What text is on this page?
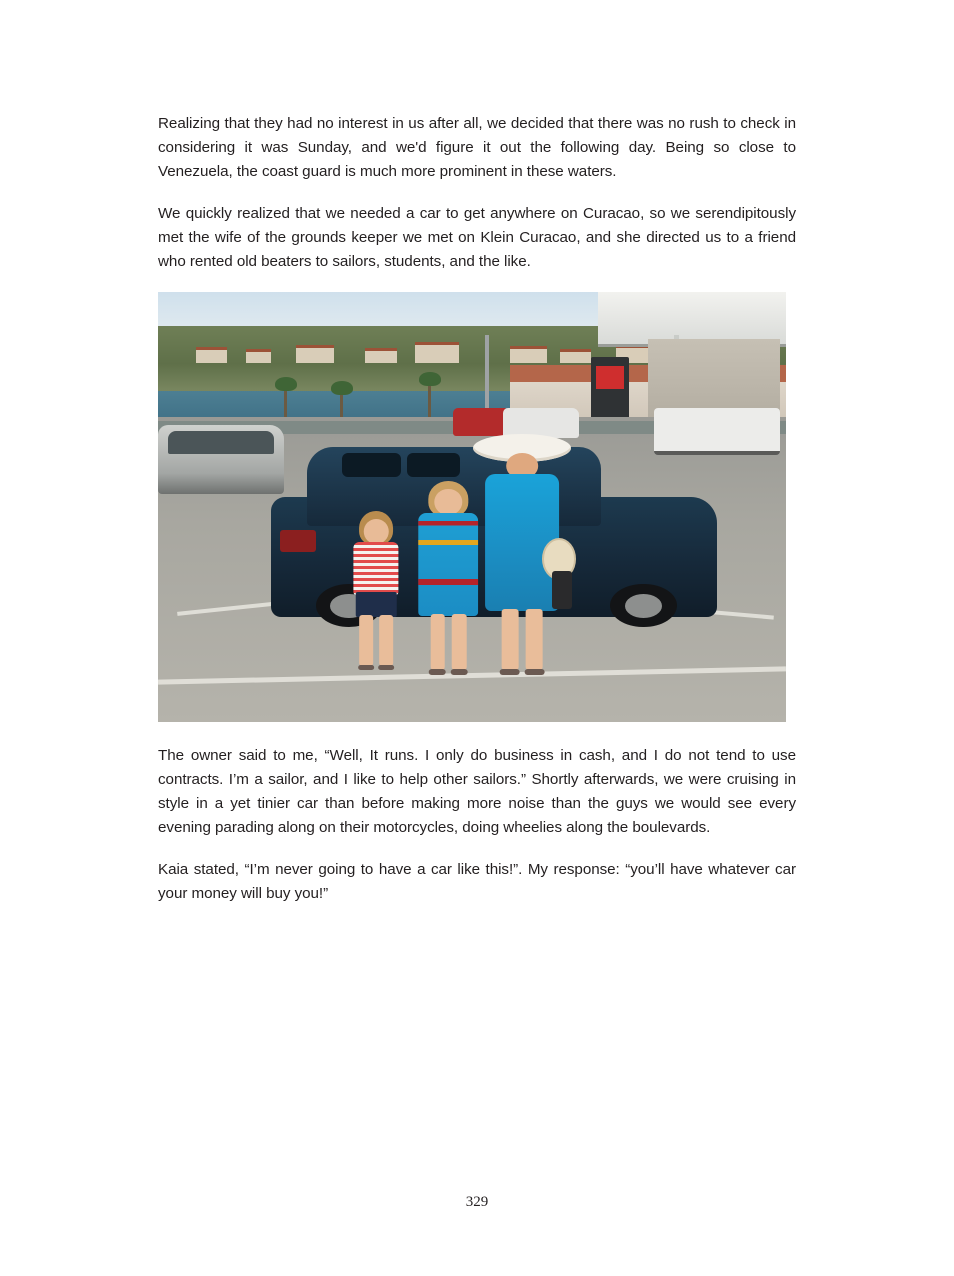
Realizing that they had no interest in us after all, we decided that there was no rush to check in considering it was Sunday, and we'd figure it out the following day. Being so close to Venezuela, the coast guard is much more prominent in these waters.

We quickly realized that we needed a car to get anywhere on Curacao, so we serendipitously met the wife of the grounds keeper we met on Klein Curacao, and she directed us to a friend who rented old beaters to sailors, students, and the like.

The owner said to me, “Well, It runs. I only do business in cash, and I do not tend to use contracts. I’m a sailor, and I like to help other sailors.” Shortly afterwards, we were cruising in style in a yet tinier car than before making more noise than the guys we would see every evening parading along on their motorcycles, doing wheelies along the boulevards.

Kaia stated, “I’m never going to have a car like this!”. My response: “you’ll have whatever car your money will buy you!”

329
